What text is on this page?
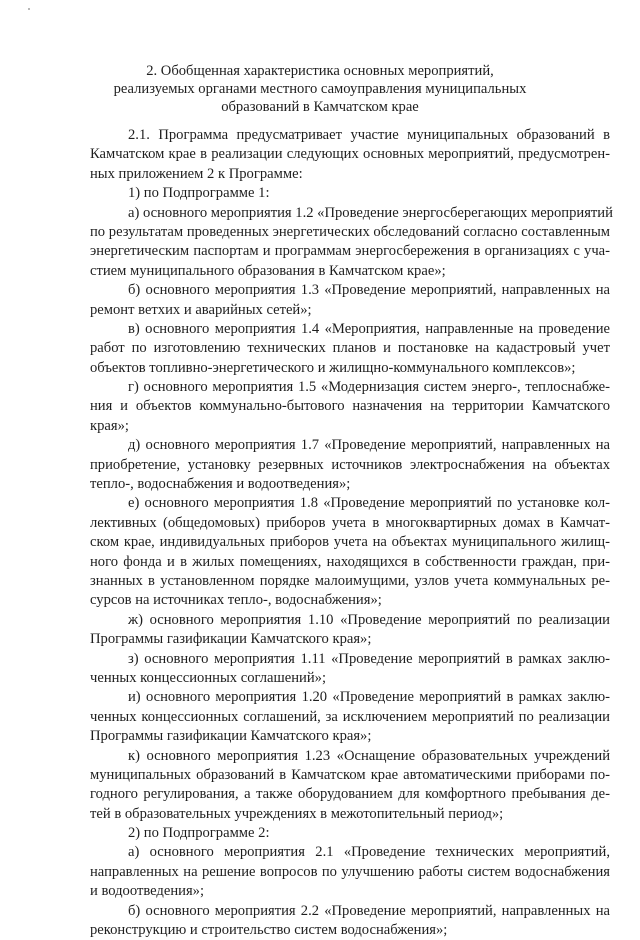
2. Обобщенная характеристика основных мероприятий,
реализуемых органами местного самоуправления муниципальных
образований в Камчатском крае
2.1. Программа предусматривает участие муниципальных образований в
Камчатском крае в реализации следующих основных мероприятий, предусмотрен-
ных приложением 2 к Программе:
1) по Подпрограмме 1:
а) основного мероприятия 1.2 «Проведение энергосберегающих мероприятий
по результатам проведенных энергетических обследований согласно составленным
энергетическим паспортам и программам энергосбережения в организациях с уча-
стием муниципального образования в Камчатском крае»;
б) основного мероприятия 1.3 «Проведение мероприятий, направленных на
ремонт ветхих и аварийных сетей»;
в) основного мероприятия 1.4 «Мероприятия, направленные на проведение
работ по изготовлению технических планов и постановке на кадастровый учет
объектов топливно-энергетического и жилищно-коммунального комплексов»;
г) основного мероприятия 1.5 «Модернизация систем энерго-, теплоснабже-
ния и объектов коммунально-бытового назначения на территории Камчатского
края»;
д) основного мероприятия 1.7 «Проведение мероприятий, направленных на
приобретение, установку резервных источников электроснабжения на объектах
тепло-, водоснабжения и водоотведения»;
е) основного мероприятия 1.8 «Проведение мероприятий по установке кол-
лективных (общедомовых) приборов учета в многоквартирных домах в Камчат-
ском крае, индивидуальных приборов учета на объектах муниципального жилищ-
ного фонда и в жилых помещениях, находящихся в собственности граждан, при-
знанных в установленном порядке малоимущими, узлов учета коммунальных ре-
сурсов на источниках тепло-, водоснабжения»;
ж) основного мероприятия 1.10 «Проведение мероприятий по реализации
Программы газификации Камчатского края»;
з) основного мероприятия 1.11 «Проведение мероприятий в рамках заклю-
ченных концессионных соглашений»;
и) основного мероприятия 1.20 «Проведение мероприятий в рамках заклю-
ченных концессионных соглашений, за исключением мероприятий по реализации
Программы газификации Камчатского края»;
к) основного мероприятия 1.23 «Оснащение образовательных учреждений
муниципальных образований в Камчатском крае автоматическими приборами по-
годного регулирования, а также оборудованием для комфортного пребывания де-
тей в образовательных учреждениях в межотопительный период»;
2) по Подпрограмме 2:
а) основного мероприятия 2.1 «Проведение технических мероприятий,
направленных на решение вопросов по улучшению работы систем водоснабжения
и водоотведения»;
б) основного мероприятия 2.2 «Проведение мероприятий, направленных на
реконструкцию и строительство систем водоснабжения»;
